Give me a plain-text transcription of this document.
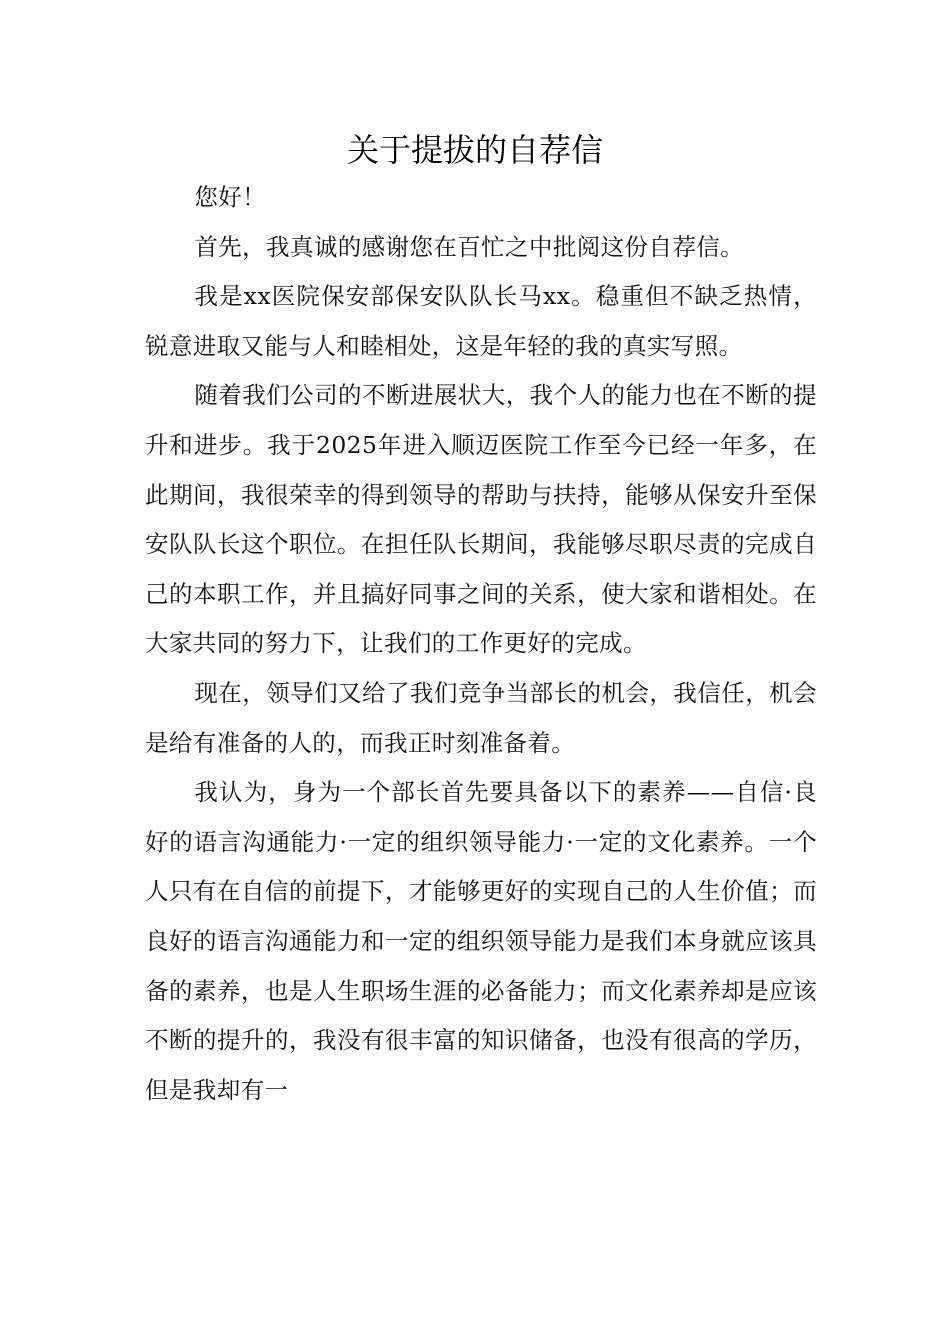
关于提拔的自荐信

您好！

首先，我真诚的感谢您在百忙之中批阅这份自荐信。

我是xx医院保安部保安队队长马xx。稳重但不缺乏热情，锐意进取又能与人和睦相处，这是年轻的我的真实写照。

随着我们公司的不断进展状大，我个人的能力也在不断的提升和进步。我于2025年进入顺迈医院工作至今已经一年多，在此期间，我很荣幸的得到领导的帮助与扶持，能够从保安升至保安队队长这个职位。在担任队长期间，我能够尽职尽责的完成自己的本职工作，并且搞好同事之间的关系，使大家和谐相处。在大家共同的努力下，让我们的工作更好的完成。

现在，领导们又给了我们竞争当部长的机会，我信任，机会是给有准备的人的，而我正时刻准备着。

我认为，身为一个部长首先要具备以下的素养——自信·良好的语言沟通能力·一定的组织领导能力·一定的文化素养。一个人只有在自信的前提下，才能够更好的实现自己的人生价值；而良好的语言沟通能力和一定的组织领导能力是我们本身就应该具备的素养，也是人生职场生涯的必备能力；而文化素养却是应该不断的提升的，我没有很丰富的知识储备，也没有很高的学历，但是我却有一
